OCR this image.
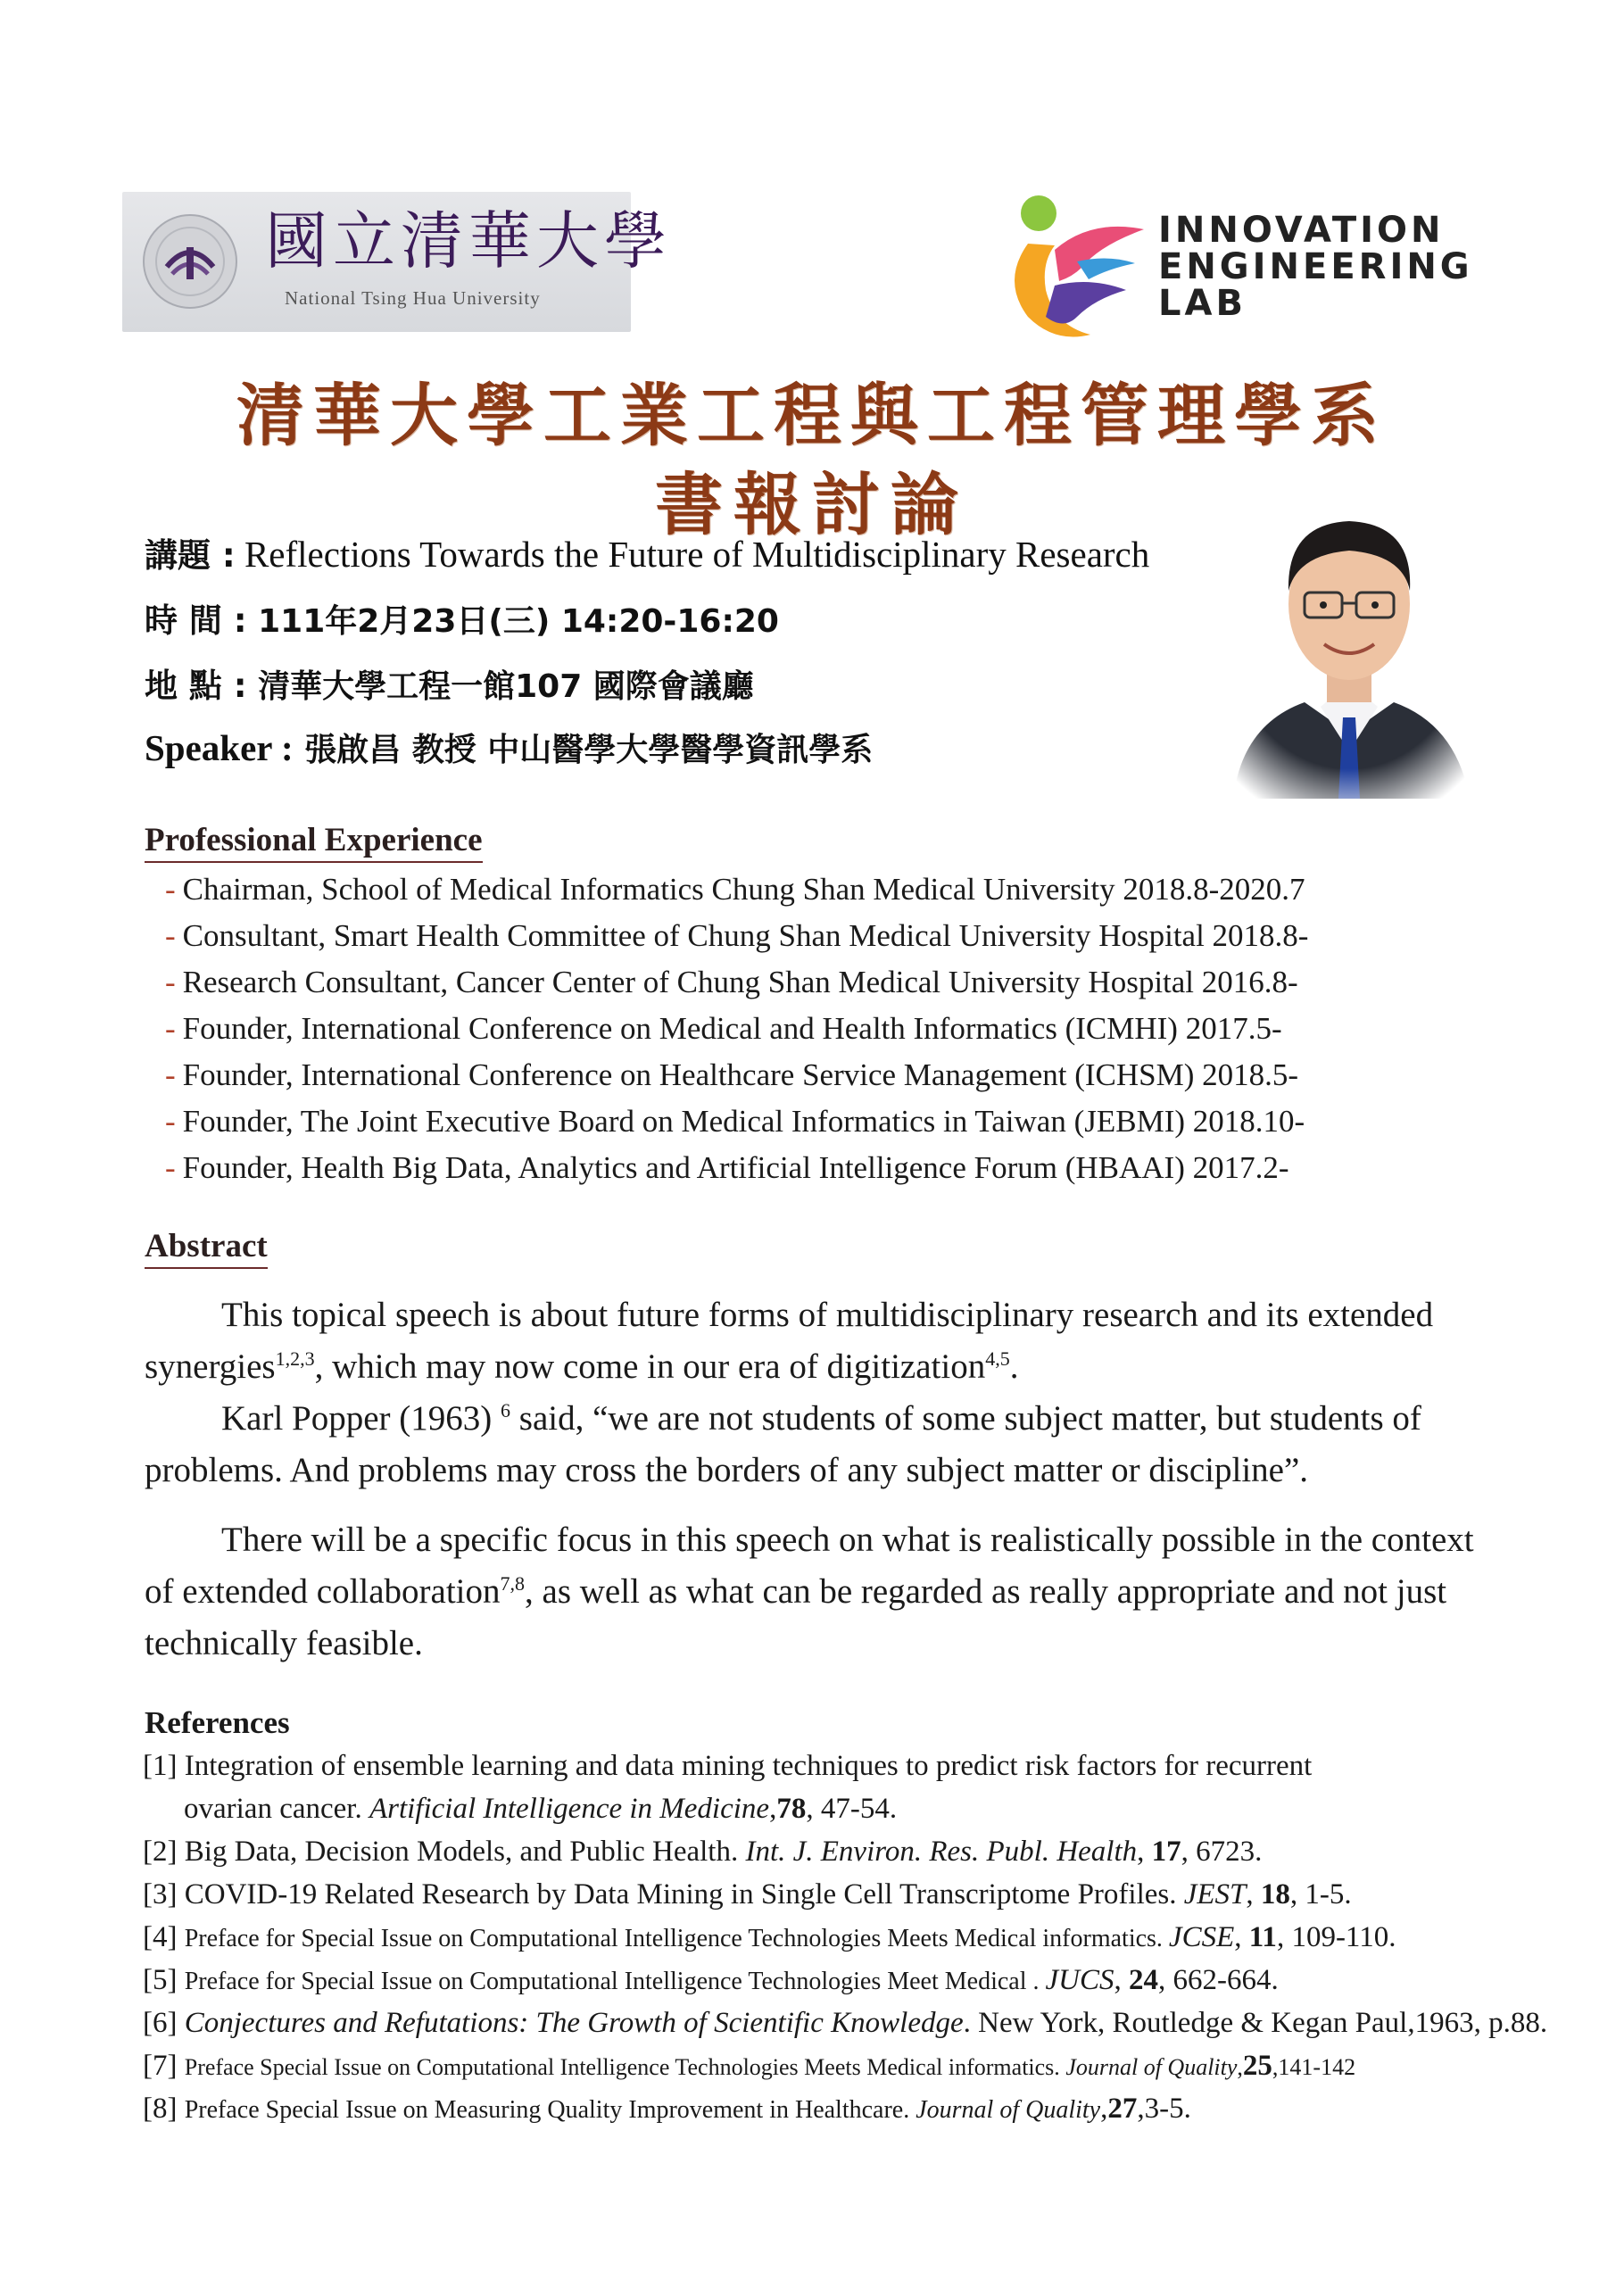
國立清華大學
National Tsing Hua University
INNOVATION
ENGINEERING
LAB
清華大學工業工程與工程管理學系
書報討論
講題 : Reflections Towards the Future of Multidisciplinary Research
時 間 : 111年2月23日(三) 14:20-16:20
地 點 : 清華大學工程一館107 國際會議廳
Speaker : 張啟昌 教授 中山醫學大學醫學資訊學系
Professional Experience
- Chairman, School of Medical Informatics Chung Shan Medical University 2018.8-2020.7
- Consultant, Smart Health Committee of Chung Shan Medical University Hospital 2018.8-
- Research Consultant, Cancer Center of Chung Shan Medical University Hospital 2016.8-
- Founder, International Conference on Medical and Health Informatics (ICMHI) 2017.5-
- Founder, International Conference on Healthcare Service Management (ICHSM) 2018.5-
- Founder, The Joint Executive Board on Medical Informatics in Taiwan (JEBMI) 2018.10-
- Founder, Health Big Data, Analytics and Artificial Intelligence Forum (HBAAI) 2017.2-
Abstract

This topical speech is about future forms of multidisciplinary research and its extended synergies$^{1,2,3}$, which may now come in our era of digitization$^{4,5}$.

Karl Popper (1963) $^6$ said, “we are not students of some subject matter, but students of problems. And problems may cross the borders of any subject matter or discipline”.

There will be a specific focus in this speech on what is realistically possible in the context of extended collaboration$^{7,8}$, as well as what can be regarded as really appropriate and not just technically feasible.

References
[1] Integration of ensemble learning and data mining techniques to predict risk factors for recurrent
ovarian cancer. Artificial Intelligence in Medicine,78, 47-54.
[2] Big Data, Decision Models, and Public Health. Int. J. Environ. Res. Publ. Health, 17, 6723.
[3] COVID-19 Related Research by Data Mining in Single Cell Transcriptome Profiles. JEST, 18, 1-5.
[4] Preface for Special Issue on Computational Intelligence Technologies Meets Medical informatics. JCSE, 11, 109-110.
[5] Preface for Special Issue on Computational Intelligence Technologies Meet Medical . JUCS, 24, 662-664.
[6] Conjectures and Refutations: The Growth of Scientific Knowledge. New York, Routledge & Kegan Paul,1963, p.88.
[7] Preface Special Issue on Computational Intelligence Technologies Meets Medical informatics. Journal of Quality,25,141-142
[8] Preface Special Issue on Measuring Quality Improvement in Healthcare. Journal of Quality,27,3-5.
